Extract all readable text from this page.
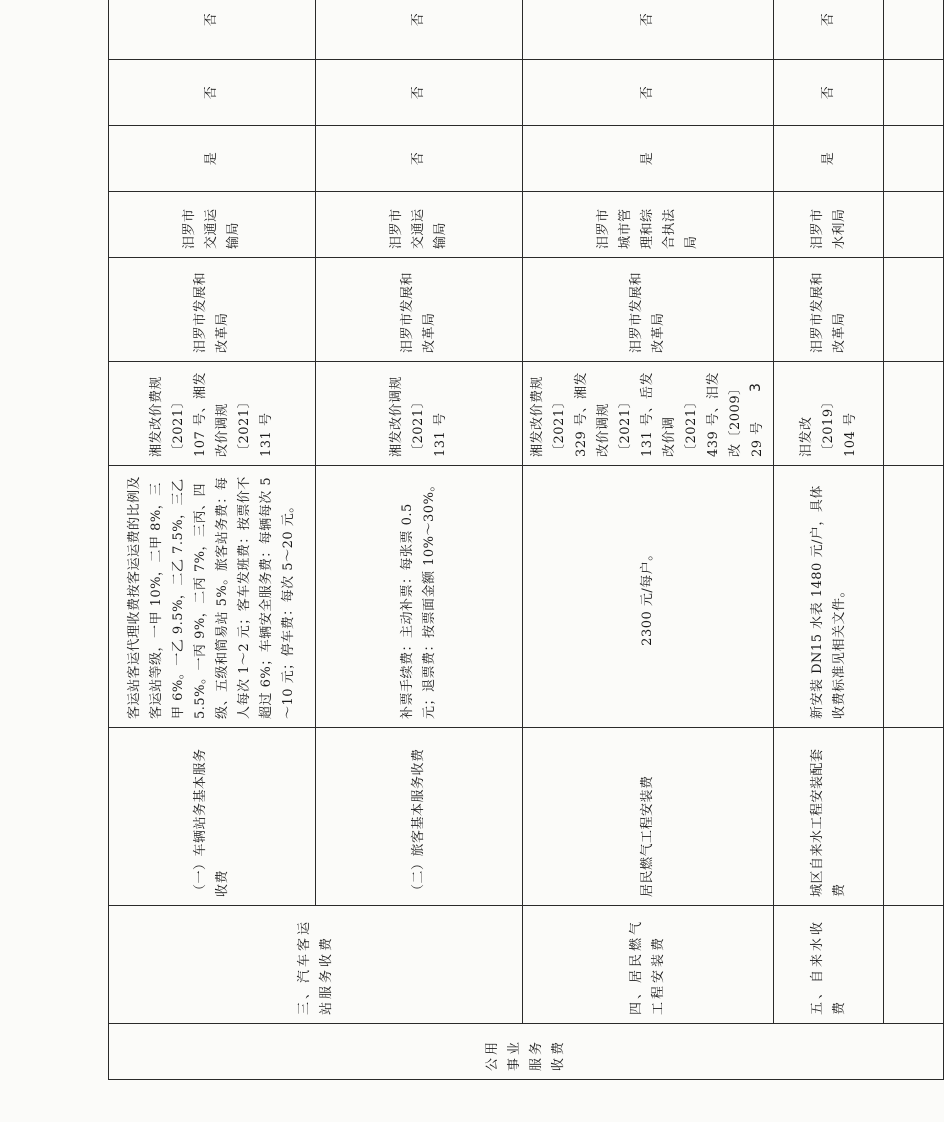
公用事业服务收费	三、汽车客运站服务收费	（一）车辆站务基本服务收费	客运站客运代理收费按客运运费的比例及客运站等级，一甲 10%，二甲 8%，三甲 6%。一乙 9.5%，二乙 7.5%，三乙 5.5%。一丙 9%，二丙 7%，三丙、四级、五级和简易站 5%。旅客站务费：每人每次 1～2 元；客车发班费：按票价不超过 6%；车辆安全服务费：每辆每次 5～10 元；停车费：每次 5～20 元。	湘发改价费规〔2021〕107 号、湘发改价调规〔2021〕131 号	汨罗市发展和改革局	汨罗市交通运输局	是	否	否		
		（二）旅客基本服务收费	补票手续费：主动补票：每张票 0.5 元；退票费：按票面金额 10%～30%。	湘发改价调规〔2021〕131 号	汨罗市发展和改革局	汨罗市交通运输局	否	否	否		
	四、居民燃气工程安装费	居民燃气工程安装费	2300 元/每户。	湘发改价费规〔2021〕329 号、湘发改价调规〔2021〕131 号、岳发改价调〔2021〕439 号、汨发改〔2009〕29 号	汨罗市发展和改革局	汨罗市城市管理和综合执法局	是	否	否		
	五、自来水收费	城区自来水工程安装配套费	新安装 DN15 水表 1480 元/户，具体收费标准见相关文件。	汨发改〔2019〕104 号	汨罗市发展和改革局	汨罗市水利局	是	否	否		

3
